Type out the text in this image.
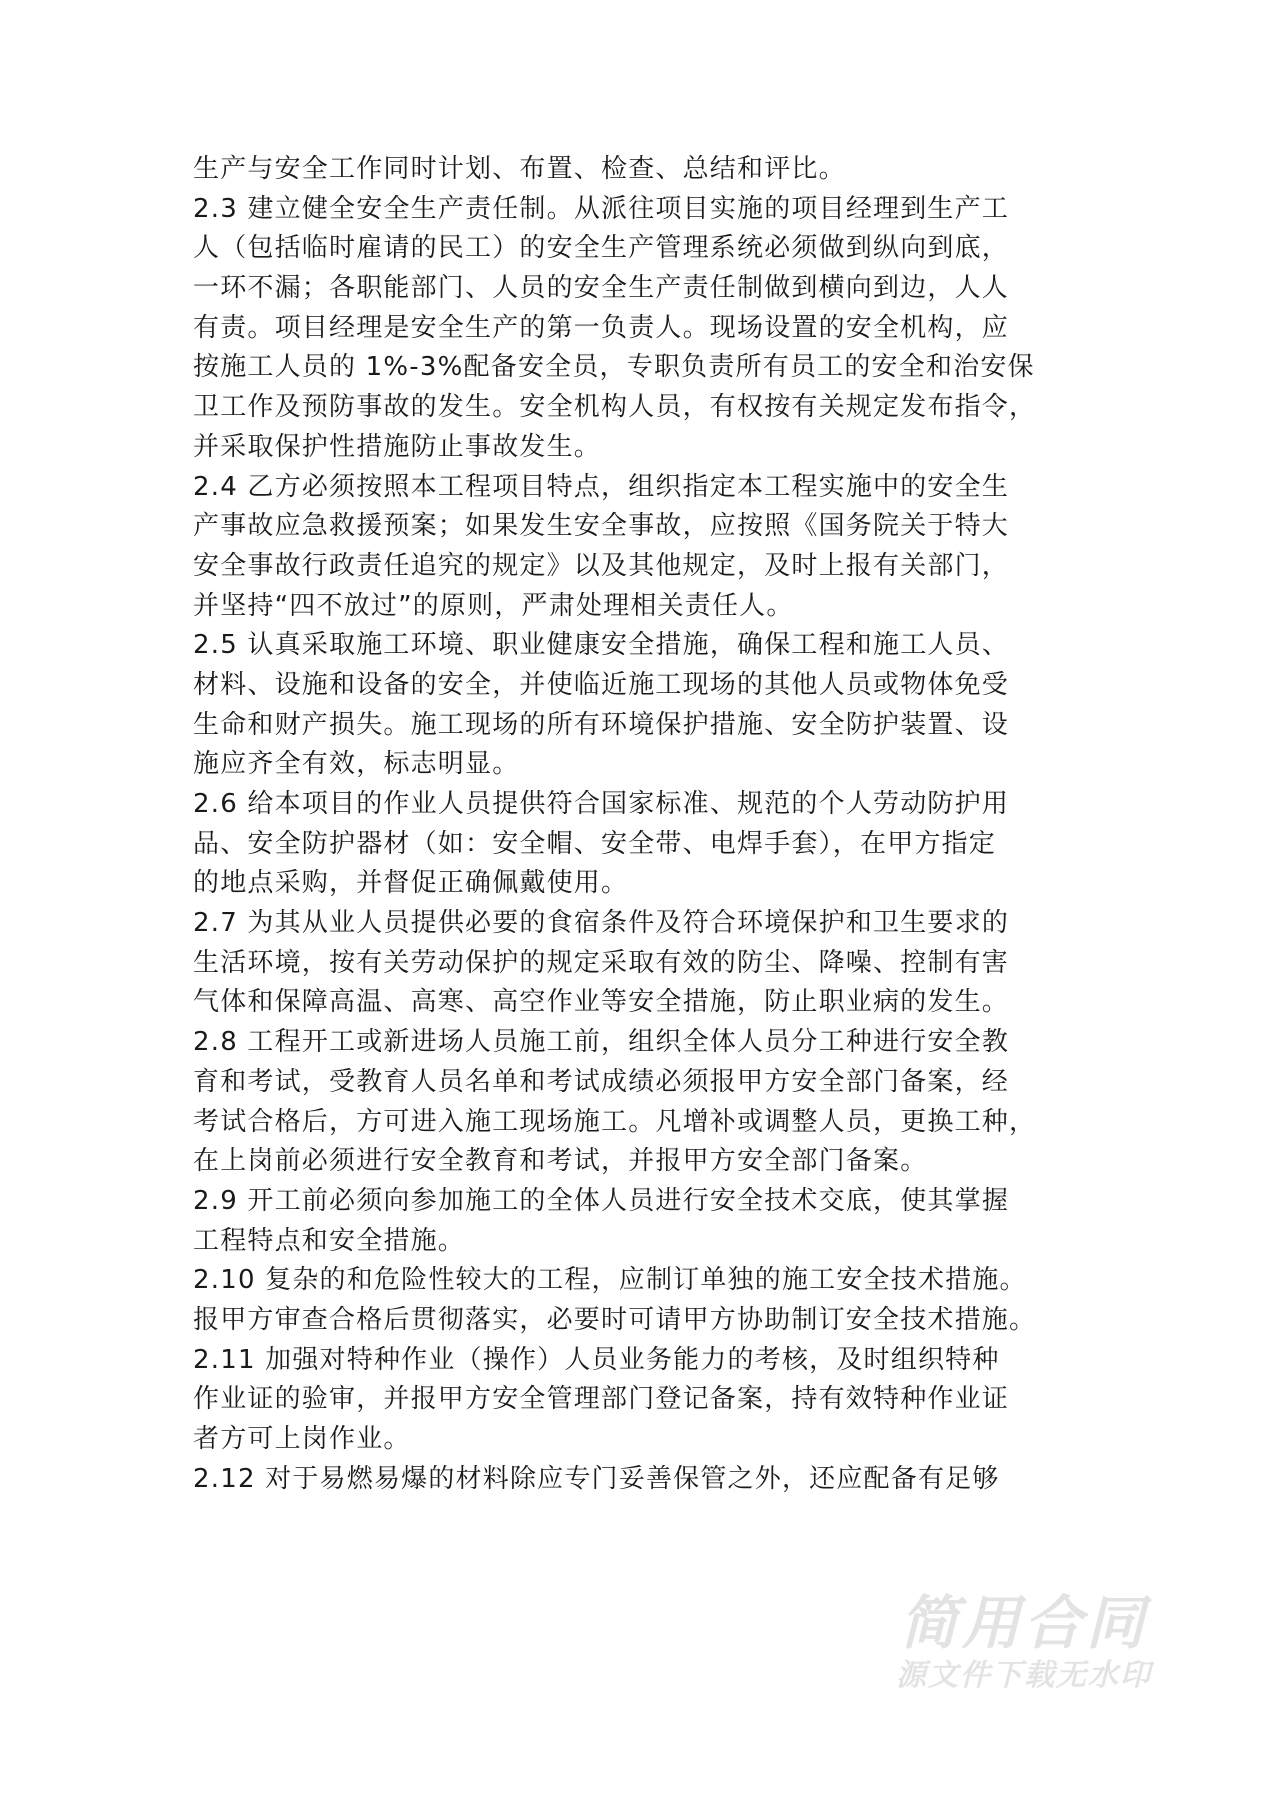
生产与安全工作同时计划、布置、检查、总结和评比。
2.3 建立健全安全生产责任制。从派往项目实施的项目经理到生产工
人（包括临时雇请的民工）的安全生产管理系统必须做到纵向到底，
一环不漏；各职能部门、人员的安全生产责任制做到横向到边，人人
有责。项目经理是安全生产的第一负责人。现场设置的安全机构，应
按施工人员的 1%-3%配备安全员，专职负责所有员工的安全和治安保
卫工作及预防事故的发生。安全机构人员，有权按有关规定发布指令，
并采取保护性措施防止事故发生。
2.4 乙方必须按照本工程项目特点，组织指定本工程实施中的安全生
产事故应急救援预案；如果发生安全事故，应按照《国务院关于特大
安全事故行政责任追究的规定》以及其他规定，及时上报有关部门，
并坚持“四不放过”的原则，严肃处理相关责任人。
2.5 认真采取施工环境、职业健康安全措施，确保工程和施工人员、
材料、设施和设备的安全，并使临近施工现场的其他人员或物体免受
生命和财产损失。施工现场的所有环境保护措施、安全防护装置、设
施应齐全有效，标志明显。
2.6 给本项目的作业人员提供符合国家标准、规范的个人劳动防护用
品、安全防护器材（如：安全帽、安全带、电焊手套），在甲方指定
的地点采购，并督促正确佩戴使用。
2.7 为其从业人员提供必要的食宿条件及符合环境保护和卫生要求的
生活环境，按有关劳动保护的规定采取有效的防尘、降噪、控制有害
气体和保障高温、高寒、高空作业等安全措施，防止职业病的发生。
2.8 工程开工或新进场人员施工前，组织全体人员分工种进行安全教
育和考试，受教育人员名单和考试成绩必须报甲方安全部门备案，经
考试合格后，方可进入施工现场施工。凡增补或调整人员，更换工种，
在上岗前必须进行安全教育和考试，并报甲方安全部门备案。
2.9 开工前必须向参加施工的全体人员进行安全技术交底，使其掌握
工程特点和安全措施。
2.10 复杂的和危险性较大的工程，应制订单独的施工安全技术措施。
报甲方审查合格后贯彻落实，必要时可请甲方协助制订安全技术措施。
2.11 加强对特种作业（操作）人员业务能力的考核，及时组织特种
作业证的验审，并报甲方安全管理部门登记备案，持有效特种作业证
者方可上岗作业。
2.12 对于易燃易爆的材料除应专门妥善保管之外，还应配备有足够
简用合同
源文件下载无水印
